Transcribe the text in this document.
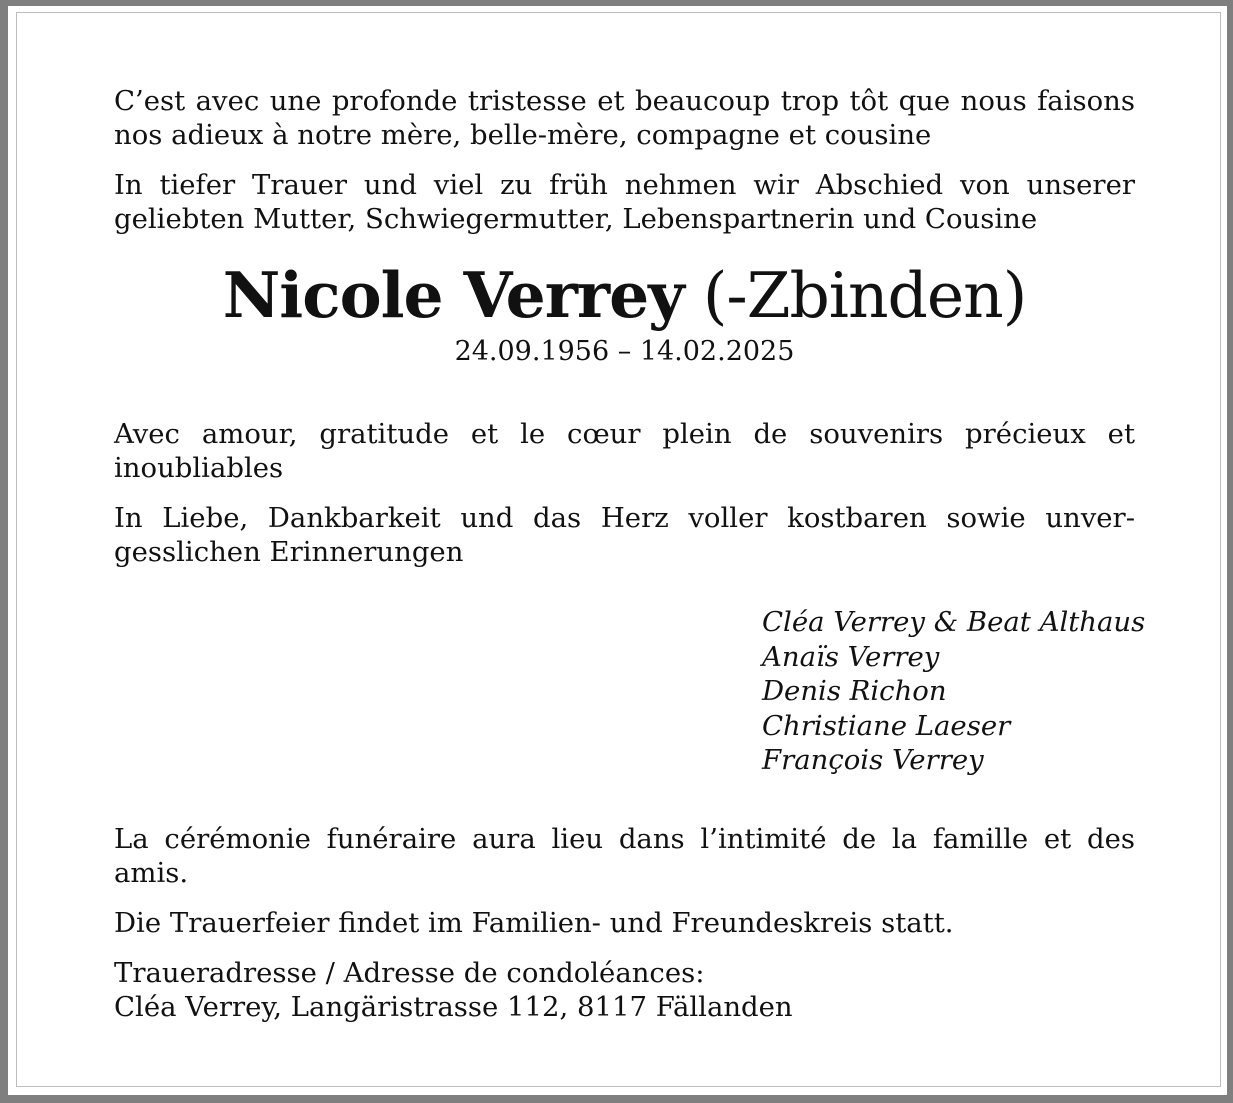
C’est avec une profonde tristesse et beaucoup trop tôt que nous faisons nos adieux à notre mère, belle-mère, compagne et cousine

In tiefer Trauer und viel zu früh nehmen wir Abschied von unserer geliebten Mutter, Schwiegermutter, Lebenspartnerin und Cousine

Nicole Verrey (-Zbinden)
24.09.1956 – 14.02.2025

Avec amour, gratitude et le cœur plein de souvenirs précieux et inoubliables

In Liebe, Dankbarkeit und das Herz voller kostbaren sowie unvergesslichen Erinnerungen

Cléa Verrey & Beat Althaus
Anaïs Verrey
Denis Richon
Christiane Laeser
François Verrey

La cérémonie funéraire aura lieu dans l’intimité de la famille et des amis.

Die Trauerfeier findet im Familien- und Freundeskreis statt.

Traueradresse / Adresse de condoléances:
Cléa Verrey, Langäristrasse 112, 8117 Fällanden
